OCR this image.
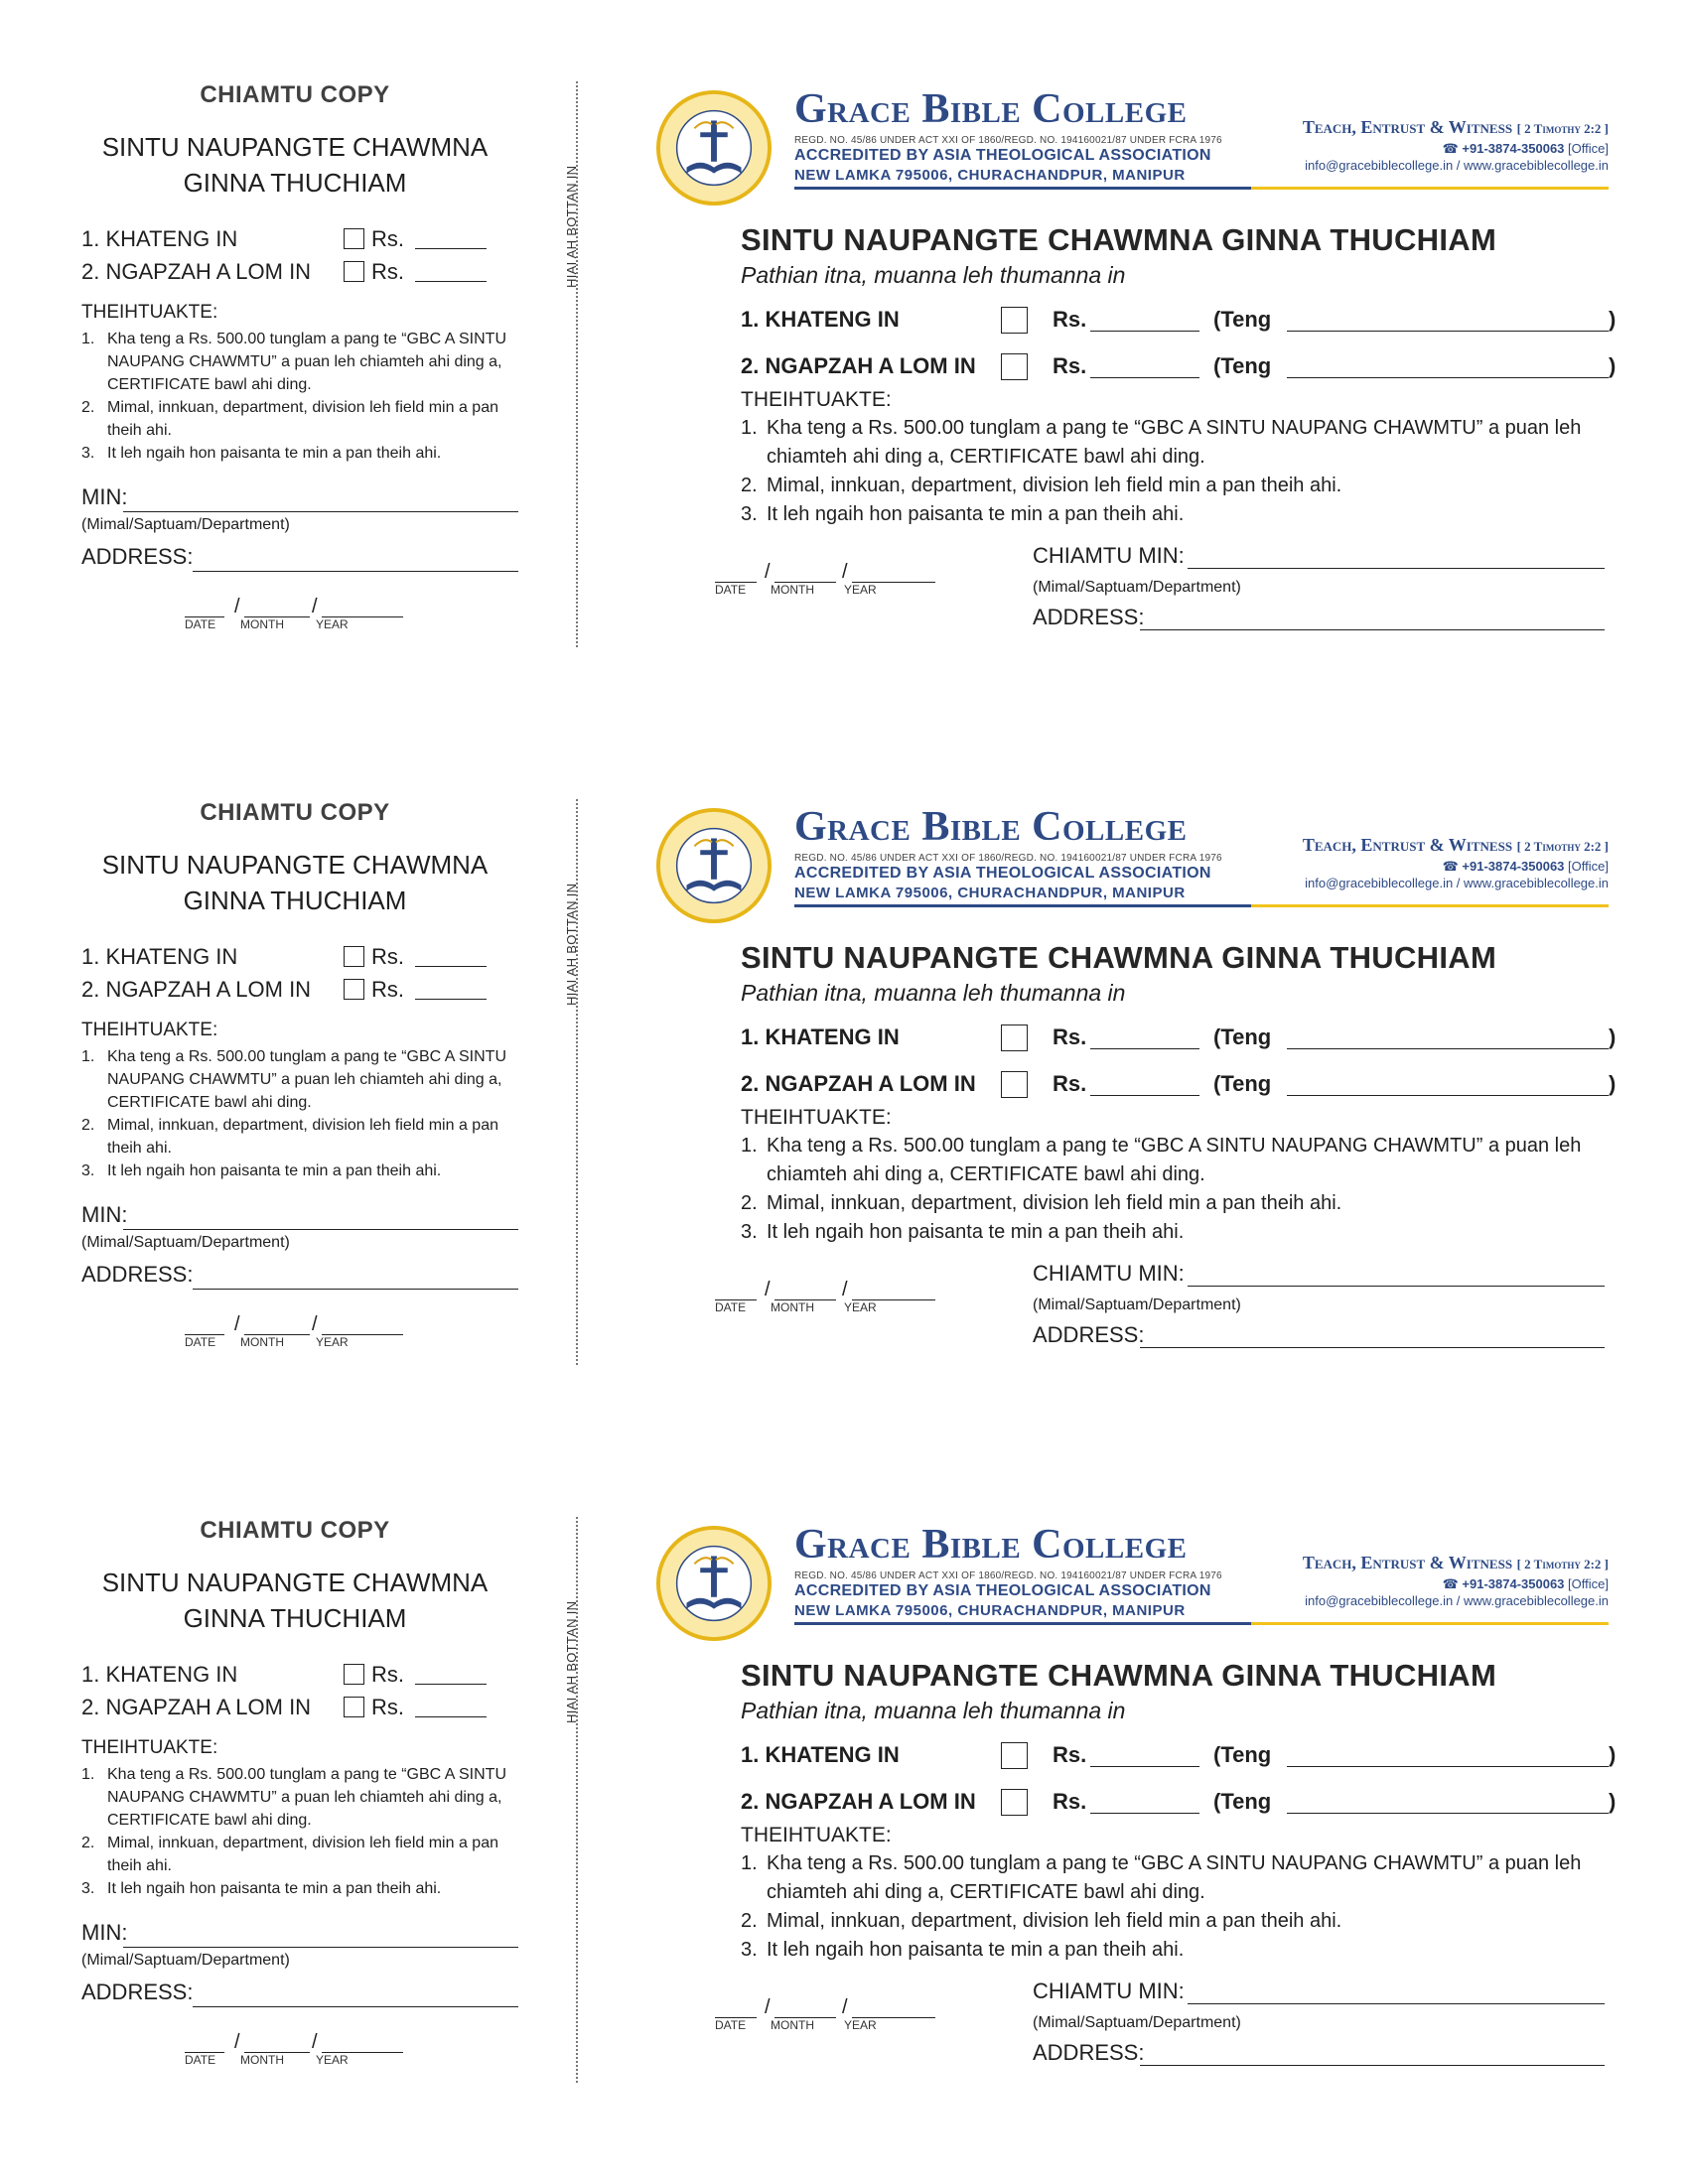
CHIAMTU COPY
SINTU NAUPANGTE CHAWMNA
GINNA THUCHIAM
1. KHATENG IN	Rs.
2. NGAPZAH A LOM IN	Rs.
THEIHTUAKTE:
1. Kha teng a Rs. 500.00 tunglam a pang te “GBC A SINTU NAUPANG CHAWMTU” a puan leh chiamteh ahi ding a, CERTIFICATE bawl ahi ding.
2. Mimal, innkuan, department, division leh field min a pan theih ahi.
3. It leh ngaih hon paisanta te min a pan theih ahi.
MIN:
(Mimal/Saptuam/Department)
ADDRESS:
/	/
DATE MONTH	YEAR
HIAI AH BOTTAN IN
Grace Bible College
REGD. NO. 45/86 UNDER ACT XXI OF 1860/REGD. NO. 194160021/87 UNDER FCRA 1976
ACCREDITED BY ASIA THEOLOGICAL ASSOCIATION
NEW LAMKA 795006, CHURACHANDPUR, MANIPUR
Teach, Entrust & Witness [ 2 Timothy 2:2 ]
☎ +91-3874-350063 [Office]
info@gracebiblecollege.in / www.gracebiblecollege.in
SINTU NAUPANGTE CHAWMNA GINNA THUCHIAM
Pathian itna, muanna leh thumanna in
1. KHATENG IN	Rs.	(Teng	)
2. NGAPZAH A LOM IN	Rs.	(Teng	)
THEIHTUAKTE:
1. Kha teng a Rs. 500.00 tunglam a pang te “GBC A SINTU NAUPANG CHAWMTU” a puan leh chiamteh ahi ding a, CERTIFICATE bawl ahi ding.
2. Mimal, innkuan, department, division leh field min a pan theih ahi.
3. It leh ngaih hon paisanta te min a pan theih ahi.
/	/
DATE MONTH	YEAR
CHIAMTU MIN:
(Mimal/Saptuam/Department)
ADDRESS:
CHIAMTU COPY
SINTU NAUPANGTE CHAWMNA
GINNA THUCHIAM
1. KHATENG IN	Rs.
2. NGAPZAH A LOM IN	Rs.
THEIHTUAKTE:
1. Kha teng a Rs. 500.00 tunglam a pang te “GBC A SINTU NAUPANG CHAWMTU” a puan leh chiamteh ahi ding a, CERTIFICATE bawl ahi ding.
2. Mimal, innkuan, department, division leh field min a pan theih ahi.
3. It leh ngaih hon paisanta te min a pan theih ahi.
MIN:
(Mimal/Saptuam/Department)
ADDRESS:
/	/
DATE MONTH	YEAR
HIAI AH BOTTAN IN
Grace Bible College
REGD. NO. 45/86 UNDER ACT XXI OF 1860/REGD. NO. 194160021/87 UNDER FCRA 1976
ACCREDITED BY ASIA THEOLOGICAL ASSOCIATION
NEW LAMKA 795006, CHURACHANDPUR, MANIPUR
Teach, Entrust & Witness [ 2 Timothy 2:2 ]
☎ +91-3874-350063 [Office]
info@gracebiblecollege.in / www.gracebiblecollege.in
SINTU NAUPANGTE CHAWMNA GINNA THUCHIAM
Pathian itna, muanna leh thumanna in
1. KHATENG IN	Rs.	(Teng	)
2. NGAPZAH A LOM IN	Rs.	(Teng	)
THEIHTUAKTE:
1. Kha teng a Rs. 500.00 tunglam a pang te “GBC A SINTU NAUPANG CHAWMTU” a puan leh chiamteh ahi ding a, CERTIFICATE bawl ahi ding.
2. Mimal, innkuan, department, division leh field min a pan theih ahi.
3. It leh ngaih hon paisanta te min a pan theih ahi.
/	/
DATE MONTH	YEAR
CHIAMTU MIN:
(Mimal/Saptuam/Department)
ADDRESS:
CHIAMTU COPY
SINTU NAUPANGTE CHAWMNA
GINNA THUCHIAM
1. KHATENG IN	Rs.
2. NGAPZAH A LOM IN	Rs.
THEIHTUAKTE:
1. Kha teng a Rs. 500.00 tunglam a pang te “GBC A SINTU NAUPANG CHAWMTU” a puan leh chiamteh ahi ding a, CERTIFICATE bawl ahi ding.
2. Mimal, innkuan, department, division leh field min a pan theih ahi.
3. It leh ngaih hon paisanta te min a pan theih ahi.
MIN:
(Mimal/Saptuam/Department)
ADDRESS:
/	/
DATE MONTH	YEAR
HIAI AH BOTTAN IN
Grace Bible College
REGD. NO. 45/86 UNDER ACT XXI OF 1860/REGD. NO. 194160021/87 UNDER FCRA 1976
ACCREDITED BY ASIA THEOLOGICAL ASSOCIATION
NEW LAMKA 795006, CHURACHANDPUR, MANIPUR
Teach, Entrust & Witness [ 2 Timothy 2:2 ]
☎ +91-3874-350063 [Office]
info@gracebiblecollege.in / www.gracebiblecollege.in
SINTU NAUPANGTE CHAWMNA GINNA THUCHIAM
Pathian itna, muanna leh thumanna in
1. KHATENG IN	Rs.	(Teng	)
2. NGAPZAH A LOM IN	Rs.	(Teng	)
THEIHTUAKTE:
1. Kha teng a Rs. 500.00 tunglam a pang te “GBC A SINTU NAUPANG CHAWMTU” a puan leh chiamteh ahi ding a, CERTIFICATE bawl ahi ding.
2. Mimal, innkuan, department, division leh field min a pan theih ahi.
3. It leh ngaih hon paisanta te min a pan theih ahi.
/	/
DATE MONTH	YEAR
CHIAMTU MIN:
(Mimal/Saptuam/Department)
ADDRESS:
